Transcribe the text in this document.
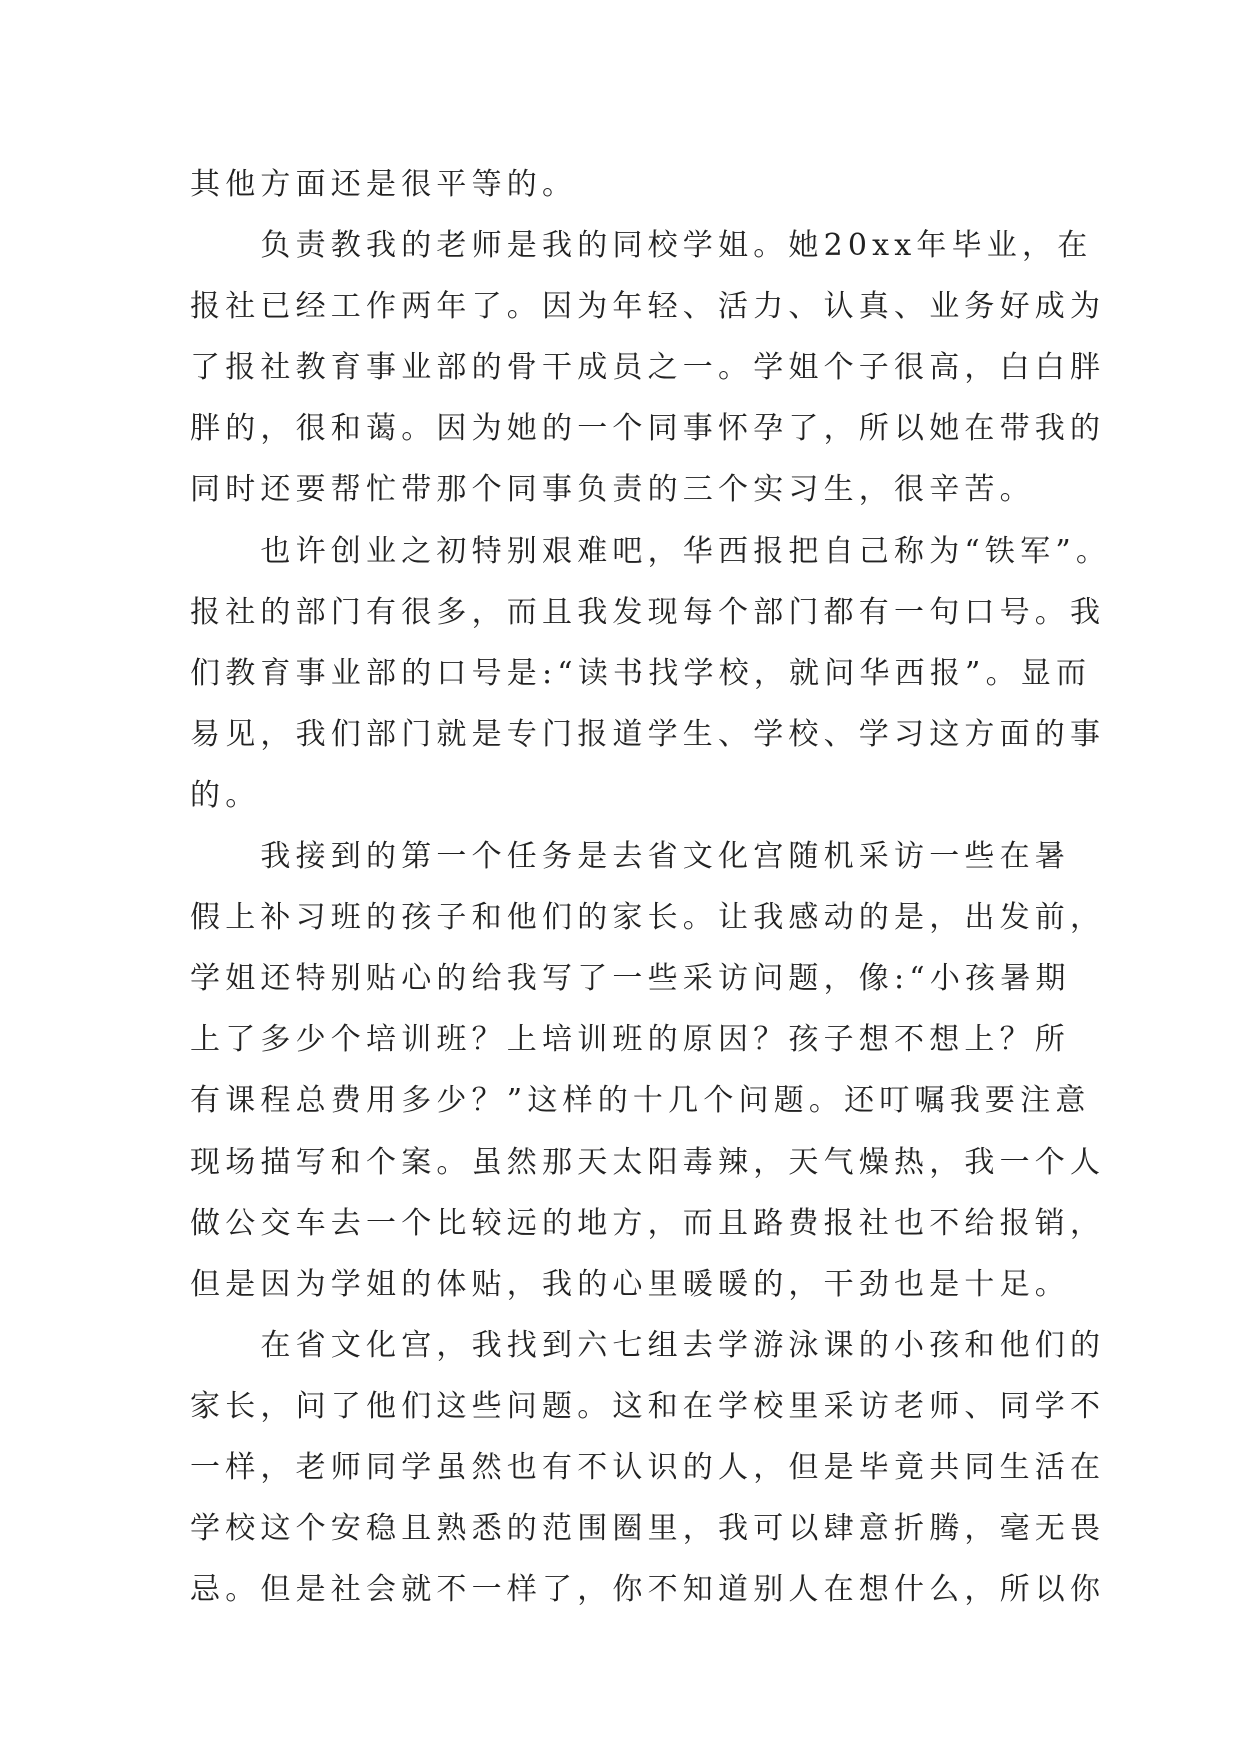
其他方面还是很平等的。
　　负责教我的老师是我的同校学姐。她20xx年毕业，在
报社已经工作两年了。因为年轻、活力、认真、业务好成为
了报社教育事业部的骨干成员之一。学姐个子很高，白白胖
胖的，很和蔼。因为她的一个同事怀孕了，所以她在带我的
同时还要帮忙带那个同事负责的三个实习生，很辛苦。
　　也许创业之初特别艰难吧，华西报把自己称为“铁军”。
报社的部门有很多，而且我发现每个部门都有一句口号。我
们教育事业部的口号是:“读书找学校，就问华西报”。显而
易见，我们部门就是专门报道学生、学校、学习这方面的事
的。
　　我接到的第一个任务是去省文化宫随机采访一些在暑
假上补习班的孩子和他们的家长。让我感动的是，出发前，
学姐还特别贴心的给我写了一些采访问题，像:“小孩暑期
上了多少个培训班？上培训班的原因？孩子想不想上？所
有课程总费用多少？”这样的十几个问题。还叮嘱我要注意
现场描写和个案。虽然那天太阳毒辣，天气燥热，我一个人
做公交车去一个比较远的地方，而且路费报社也不给报销，
但是因为学姐的体贴，我的心里暖暖的，干劲也是十足。
　　在省文化宫，我找到六七组去学游泳课的小孩和他们的
家长，问了他们这些问题。这和在学校里采访老师、同学不
一样，老师同学虽然也有不认识的人，但是毕竟共同生活在
学校这个安稳且熟悉的范围圈里，我可以肆意折腾，毫无畏
忌。但是社会就不一样了，你不知道别人在想什么，所以你
